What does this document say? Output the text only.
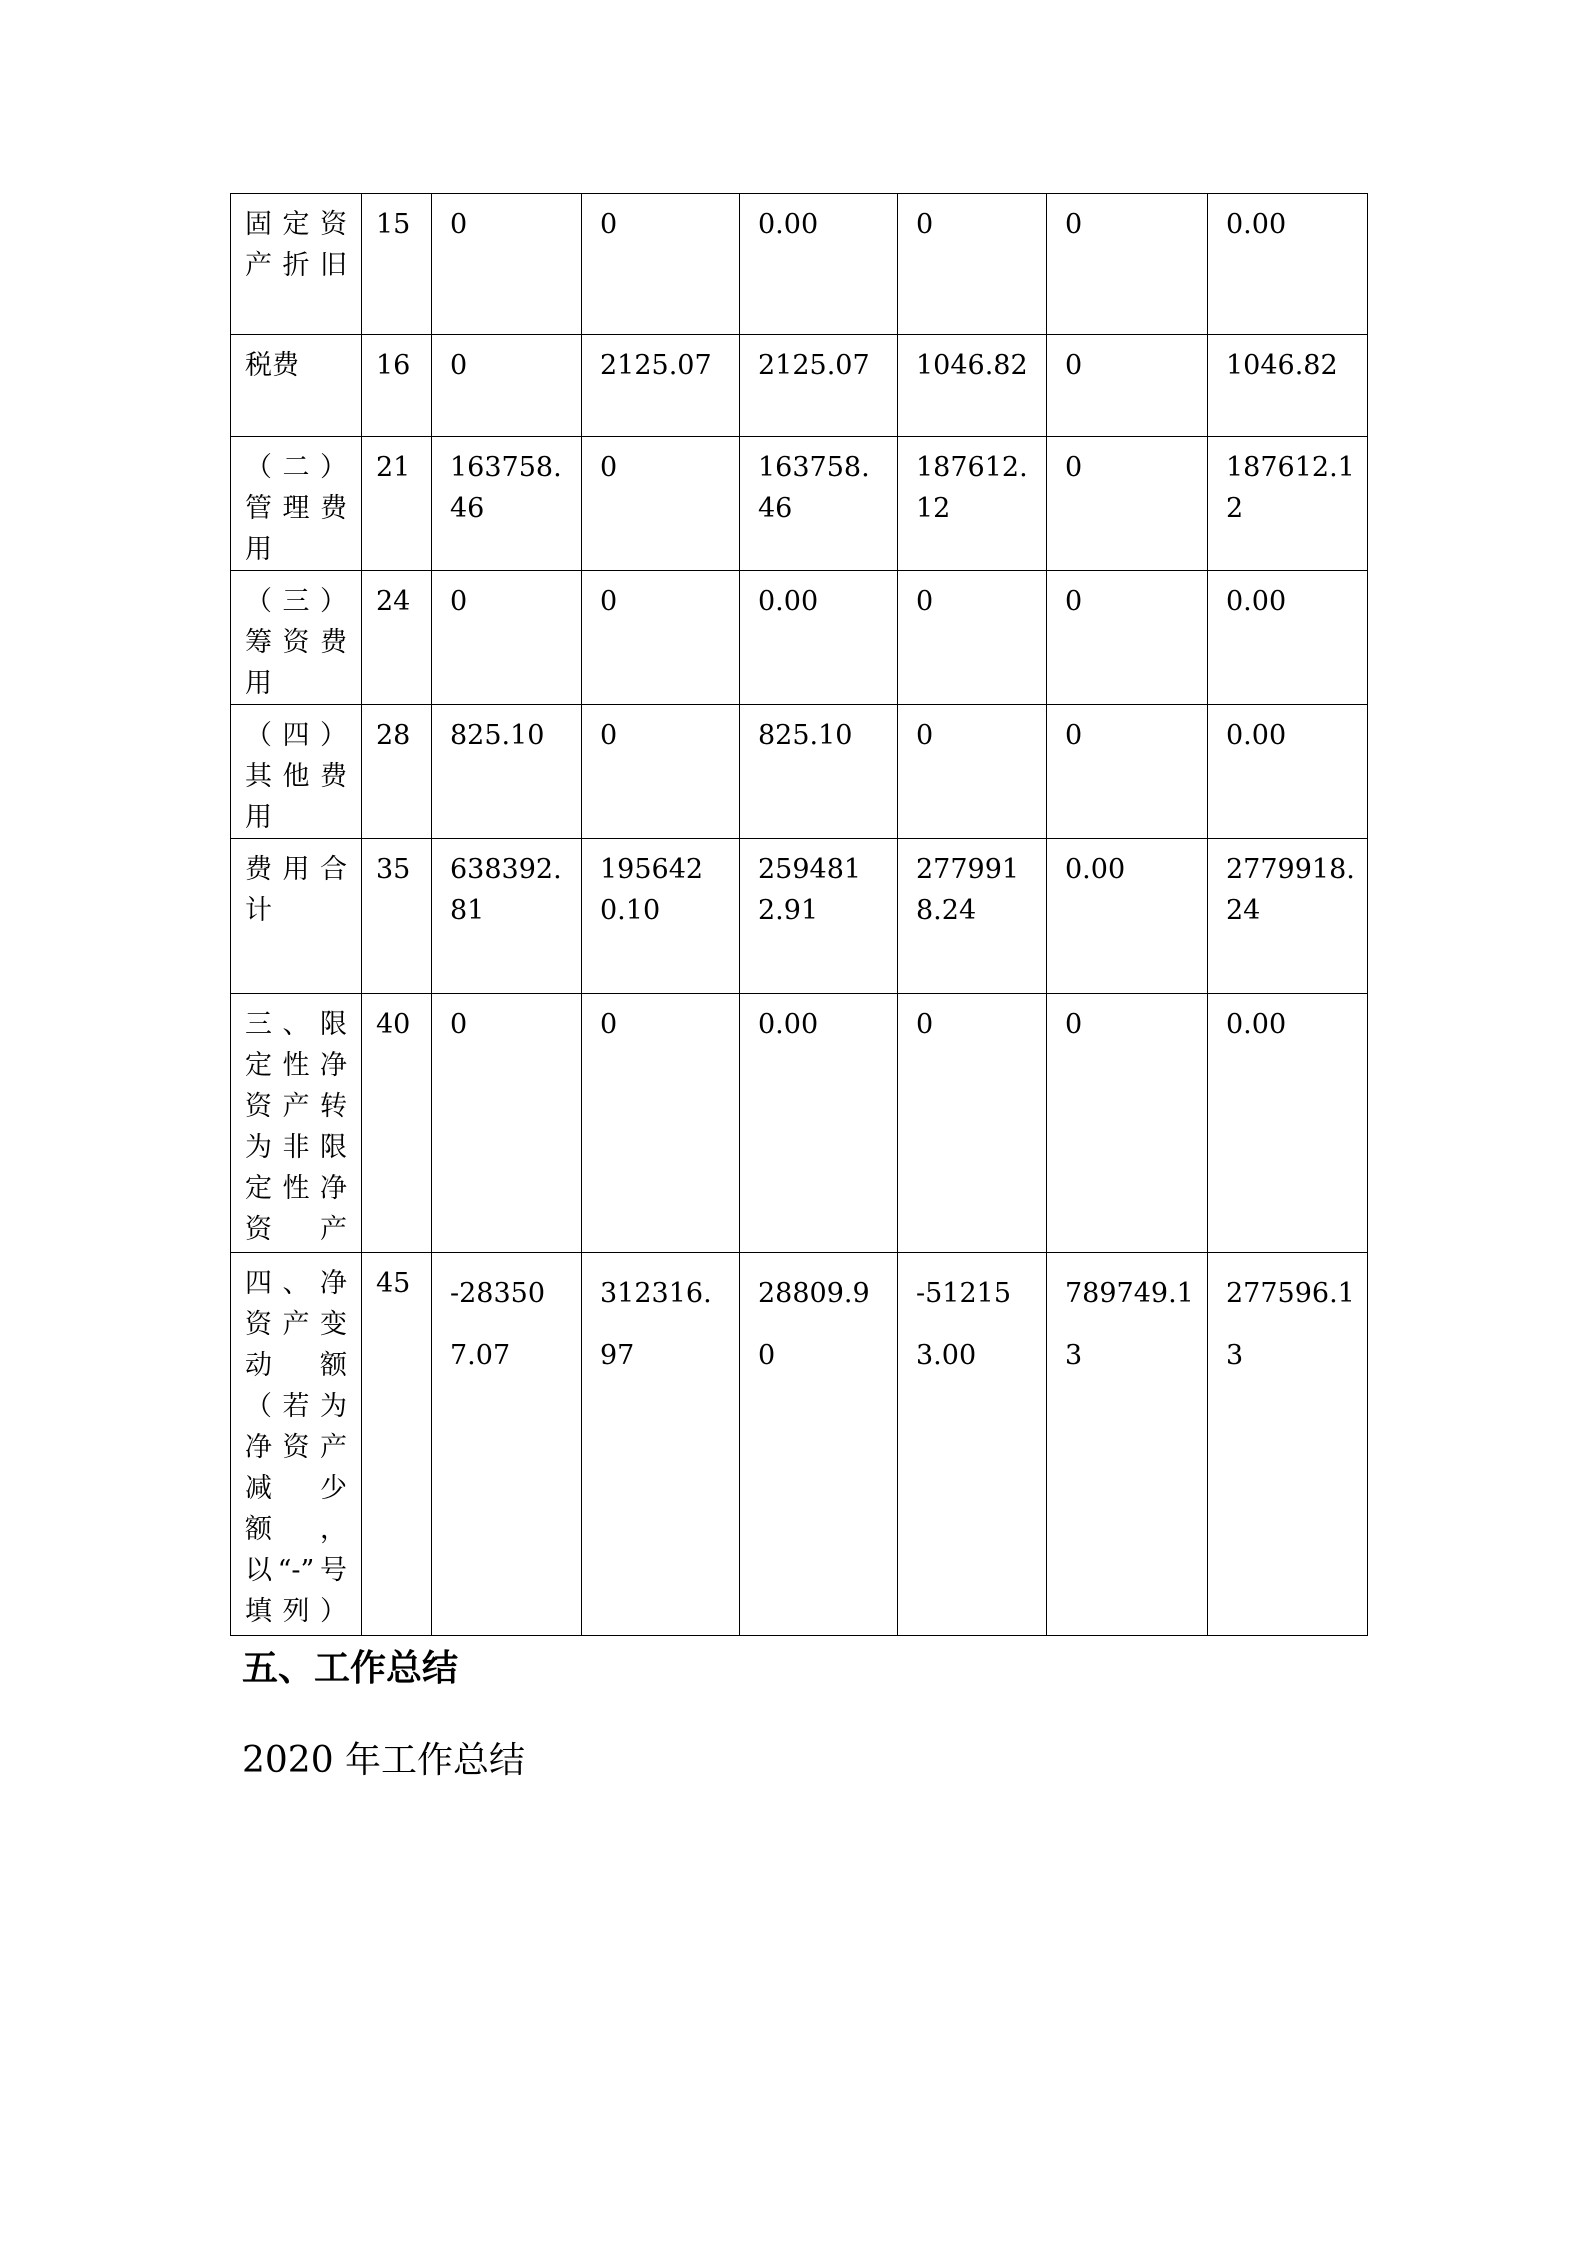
固定资产折旧	15	0	0	0.00	0	0	0.00
税费	16	0	2125.07	2125.07	1046.82	0	1046.82
（二）管理费用	21	163758.46	0	163758.46	187612.12	0	187612.12
（三）筹资费用	24	0	0	0.00	0	0	0.00
（四）其他费用	28	825.10	0	825.10	0	0	0.00
费用合计	35	638392.81	1956420.10	2594812.91	2779918.24	0.00	2779918.24
三、限定性净资产转为非限定性净资产	40	0	0	0.00	0	0	0.00
四、净资产变动额（若为净资产减少额，以“-”号填列）	45	-283507.07	312316.97	28809.90	-512153.00	789749.13	277596.13
五、工作总结
2020 年工作总结
